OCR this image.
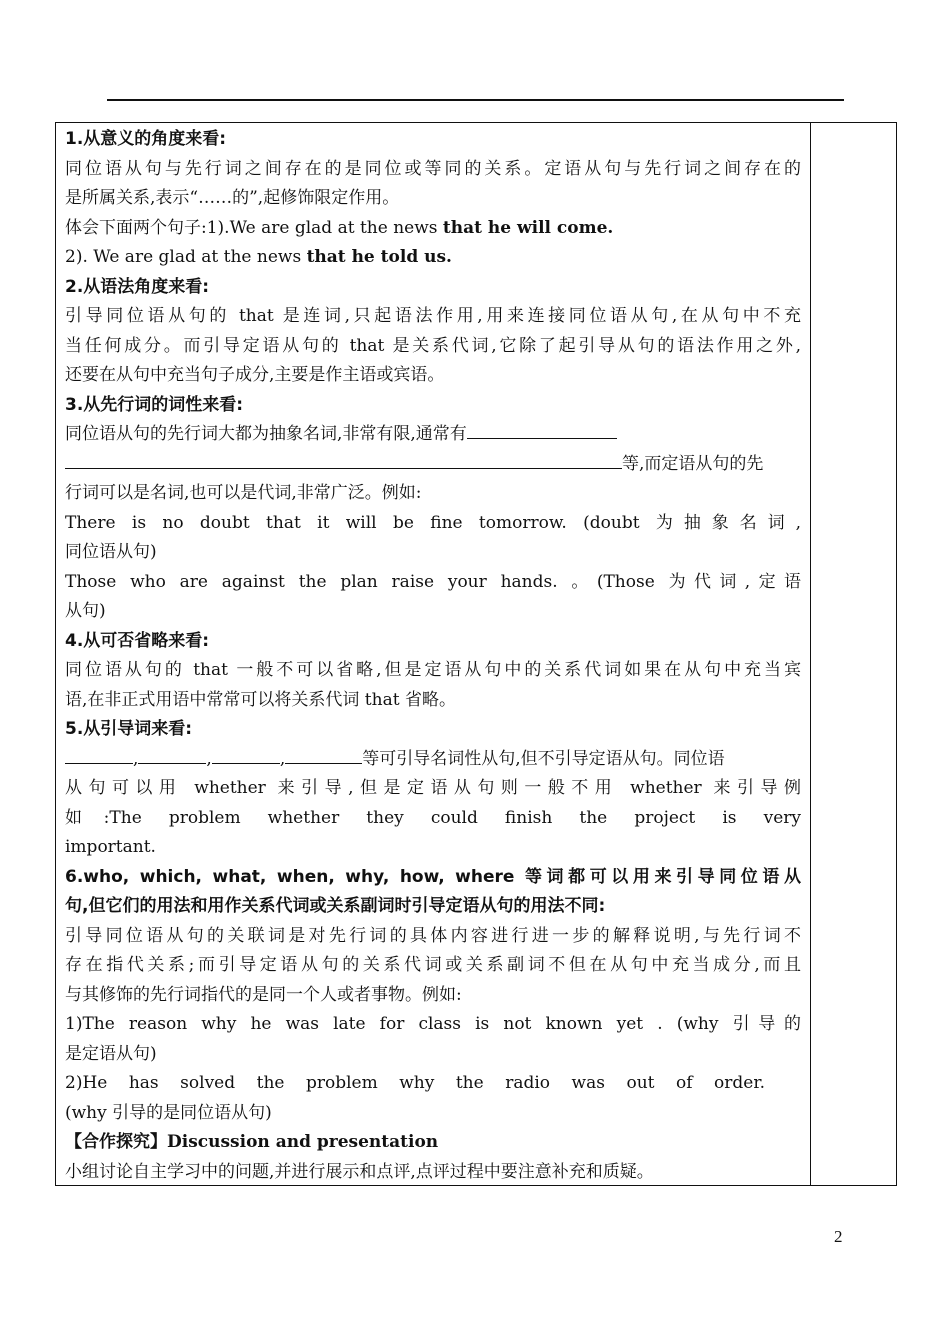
1.从意义的角度来看:
同位语从句与先行词之间存在的是同位或等同的关系。定语从句与先行词之间存在的
是所属关系,表示“……的”,起修饰限定作用。
体会下面两个句子:1).We are glad at the news that he will come.
2). We are glad at the news that he told us.
2.从语法角度来看:
引导同位语从句的 that 是连词,只起语法作用,用来连接同位语从句,在从句中不充
当任何成分。而引导定语从句的 that 是关系代词,它除了起引导从句的语法作用之外,
还要在从句中充当句子成分,主要是作主语或宾语。
3.从先行词的词性来看:
同位语从句的先行词大都为抽象名词,非常有限,通常有
等,而定语从句的先
行词可以是名词,也可以是代词,非常广泛。例如:
There is no doubt that it will be fine tomorrow. (doubt 为抽象名词,
同位语从句)
Those who are against the plan raise your hands. 。(Those 为代词,定语
从句)
4.从可否省略来看:
同位语从句的 that 一般不可以省略,但是定语从句中的关系代词如果在从句中充当宾
语,在非正式用语中常常可以将关系代词 that 省略。
5.从引导词来看:
,	,	,	等可引导名词性从句,但不引导定语从句。同位语
从句可以用 whether 来引导,但是定语从句则一般不用 whether 来引导例
如:The problem whether they could finish the project is very
important.
6.who, which, what, when, why, how, where 等词都可以用来引导同位语从
句,但它们的用法和用作关系代词或关系副词时引导定语从句的用法不同:
引导同位语从句的关联词是对先行词的具体内容进行进一步的解释说明,与先行词不
存在指代关系;而引导定语从句的关系代词或关系副词不但在从句中充当成分,而且
与其修饰的先行词指代的是同一个人或者事物。例如:
1)The reason why he was late for class is not known yet . (why 引导的
是定语从句)
2)He has solved the problem why the radio was out of order.
(why 引导的是同位语从句)
【合作探究】Discussion and presentation
小组讨论自主学习中的问题,并进行展示和点评,点评过程中要注意补充和质疑。
2
